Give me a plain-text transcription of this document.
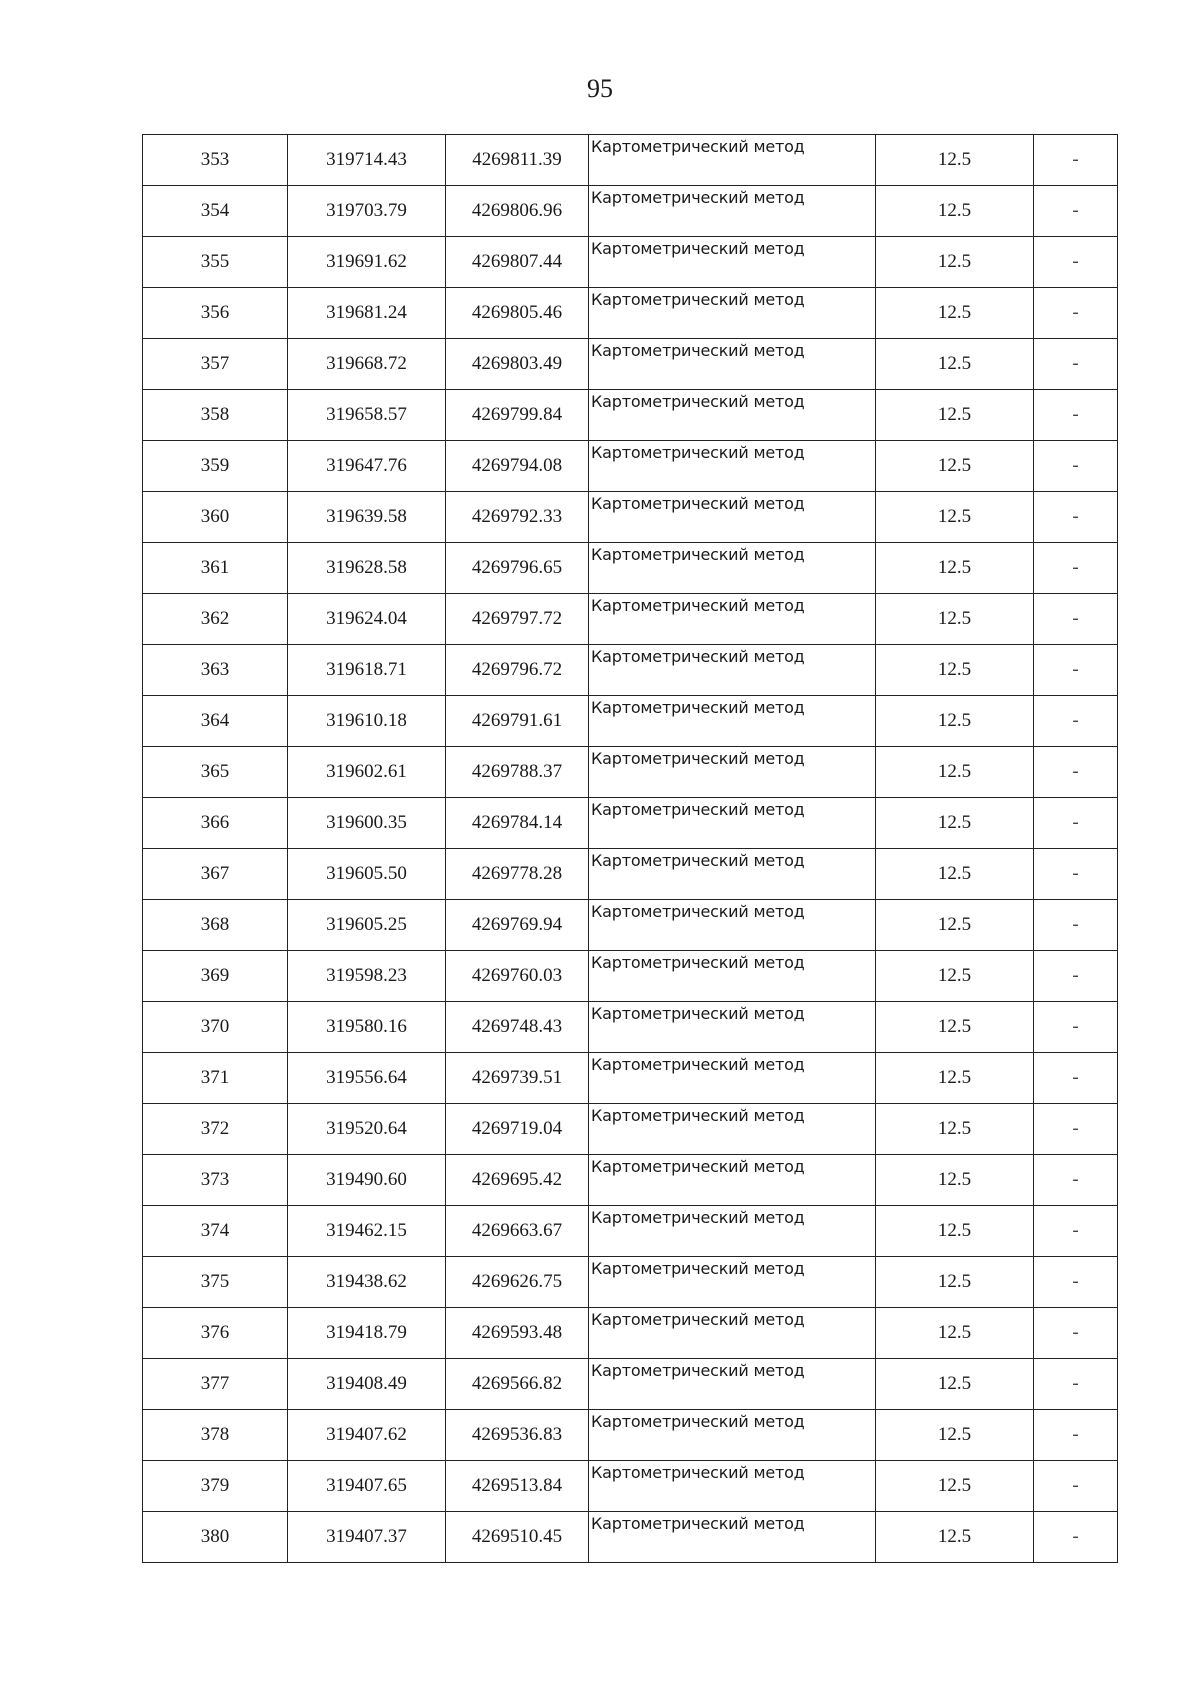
95
353	319714.43	4269811.39	Картометрический метод	12.5	-
354	319703.79	4269806.96	Картометрический метод	12.5	-
355	319691.62	4269807.44	Картометрический метод	12.5	-
356	319681.24	4269805.46	Картометрический метод	12.5	-
357	319668.72	4269803.49	Картометрический метод	12.5	-
358	319658.57	4269799.84	Картометрический метод	12.5	-
359	319647.76	4269794.08	Картометрический метод	12.5	-
360	319639.58	4269792.33	Картометрический метод	12.5	-
361	319628.58	4269796.65	Картометрический метод	12.5	-
362	319624.04	4269797.72	Картометрический метод	12.5	-
363	319618.71	4269796.72	Картометрический метод	12.5	-
364	319610.18	4269791.61	Картометрический метод	12.5	-
365	319602.61	4269788.37	Картометрический метод	12.5	-
366	319600.35	4269784.14	Картометрический метод	12.5	-
367	319605.50	4269778.28	Картометрический метод	12.5	-
368	319605.25	4269769.94	Картометрический метод	12.5	-
369	319598.23	4269760.03	Картометрический метод	12.5	-
370	319580.16	4269748.43	Картометрический метод	12.5	-
371	319556.64	4269739.51	Картометрический метод	12.5	-
372	319520.64	4269719.04	Картометрический метод	12.5	-
373	319490.60	4269695.42	Картометрический метод	12.5	-
374	319462.15	4269663.67	Картометрический метод	12.5	-
375	319438.62	4269626.75	Картометрический метод	12.5	-
376	319418.79	4269593.48	Картометрический метод	12.5	-
377	319408.49	4269566.82	Картометрический метод	12.5	-
378	319407.62	4269536.83	Картометрический метод	12.5	-
379	319407.65	4269513.84	Картометрический метод	12.5	-
380	319407.37	4269510.45	Картометрический метод	12.5	-
